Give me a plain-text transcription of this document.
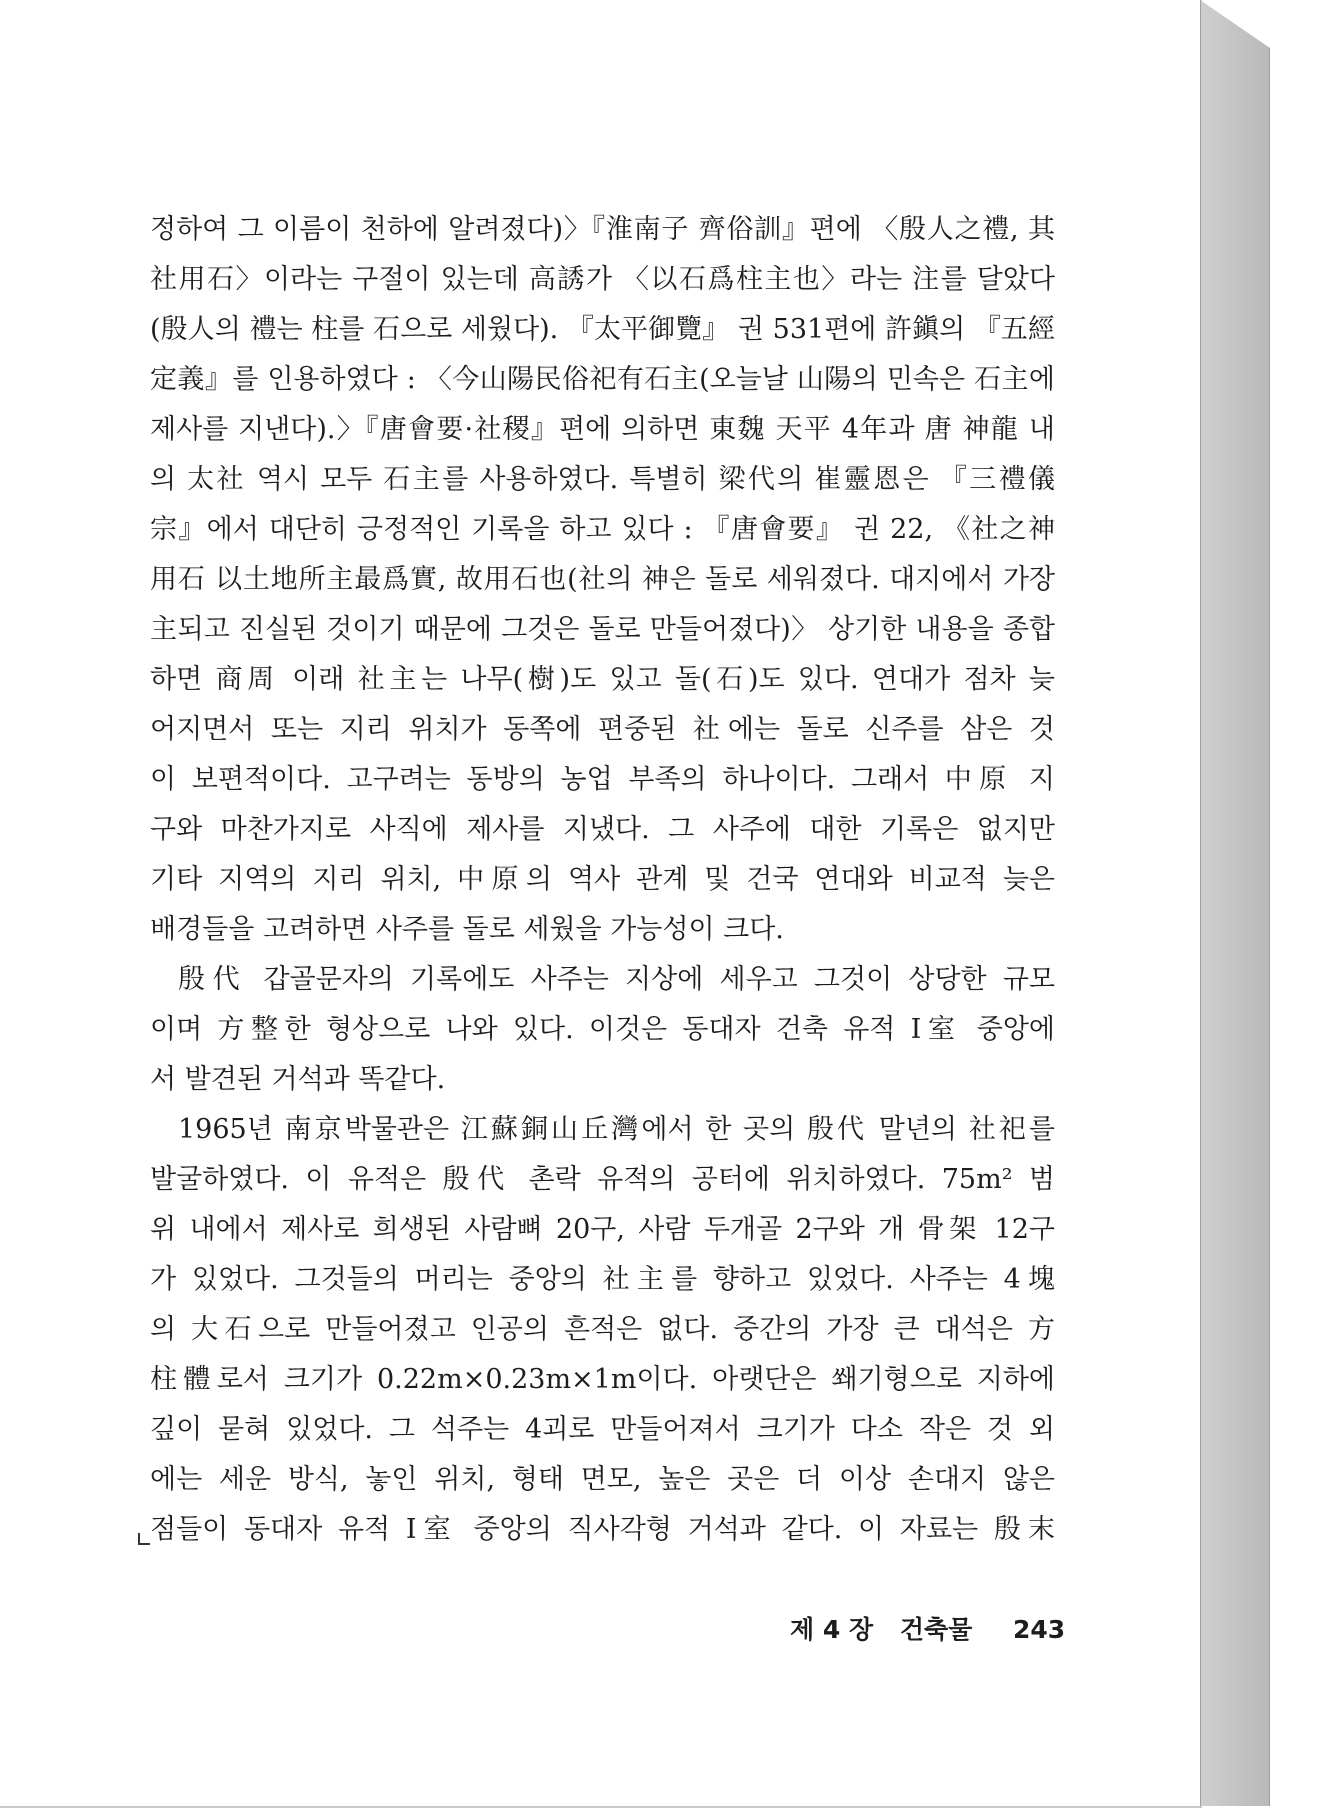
정하여 그 이름이 천하에 알려졌다)〉『淮南子 齊俗訓』편에 〈殷人之禮, 其
社用石〉이라는 구절이 있는데 高誘가 〈以石爲柱主也〉라는 注를 달았다
(殷人의 禮는 柱를 石으로 세웠다). 『太平御覽』 권 531편에 許鎭의 『五經
定義』를 인용하였다 : 〈今山陽民俗祀有石主(오늘날 山陽의 민속은 石主에
제사를 지낸다).〉『唐會要·社稷』편에 의하면 東魏 天平 4年과 唐 神龍 내
의 太社 역시 모두 石主를 사용하였다. 특별히 梁代의 崔靈恩은 『三禮儀
宗』에서 대단히 긍정적인 기록을 하고 있다 : 『唐會要』 권 22, 《社之神
用石 以土地所主最爲實, 故用石也(社의 神은 돌로 세워졌다. 대지에서 가장
主되고 진실된 것이기 때문에 그것은 돌로 만들어졌다)〉 상기한 내용을 종합
하면 商周 이래 社主는 나무(樹)도 있고 돌(石)도 있다. 연대가 점차 늦
어지면서 또는 지리 위치가 동쪽에 편중된 社에는 돌로 신주를 삼은 것
이 보편적이다. 고구려는 동방의 농업 부족의 하나이다. 그래서 中原 지
구와 마찬가지로 사직에 제사를 지냈다. 그 사주에 대한 기록은 없지만
기타 지역의 지리 위치, 中原의 역사 관계 및 건국 연대와 비교적 늦은
배경들을 고려하면 사주를 돌로 세웠을 가능성이 크다.
殷代 갑골문자의 기록에도 사주는 지상에 세우고 그것이 상당한 규모
이며 方整한 형상으로 나와 있다. 이것은 동대자 건축 유적 Ⅰ室 중앙에
서 발견된 거석과 똑같다.
1965년 南京박물관은 江蘇銅山丘灣에서 한 곳의 殷代 말년의 社祀를
발굴하였다. 이 유적은 殷代 촌락 유적의 공터에 위치하였다. 75m² 범
위 내에서 제사로 희생된 사람뼈 20구, 사람 두개골 2구와 개 骨架 12구
가 있었다. 그것들의 머리는 중앙의 社主를 향하고 있었다. 사주는 4塊
의 大石으로 만들어졌고 인공의 흔적은 없다. 중간의 가장 큰 대석은 方
柱體로서 크기가 0.22m×0.23m×1m이다. 아랫단은 쐐기형으로 지하에
깊이 묻혀 있었다. 그 석주는 4괴로 만들어져서 크기가 다소 작은 것 외
에는 세운 방식, 놓인 위치, 형태 면모, 높은 곳은 더 이상 손대지 않은
점들이 동대자 유적 Ⅰ室 중앙의 직사각형 거석과 같다. 이 자료는 殷末
제 4 장 건축물 243
